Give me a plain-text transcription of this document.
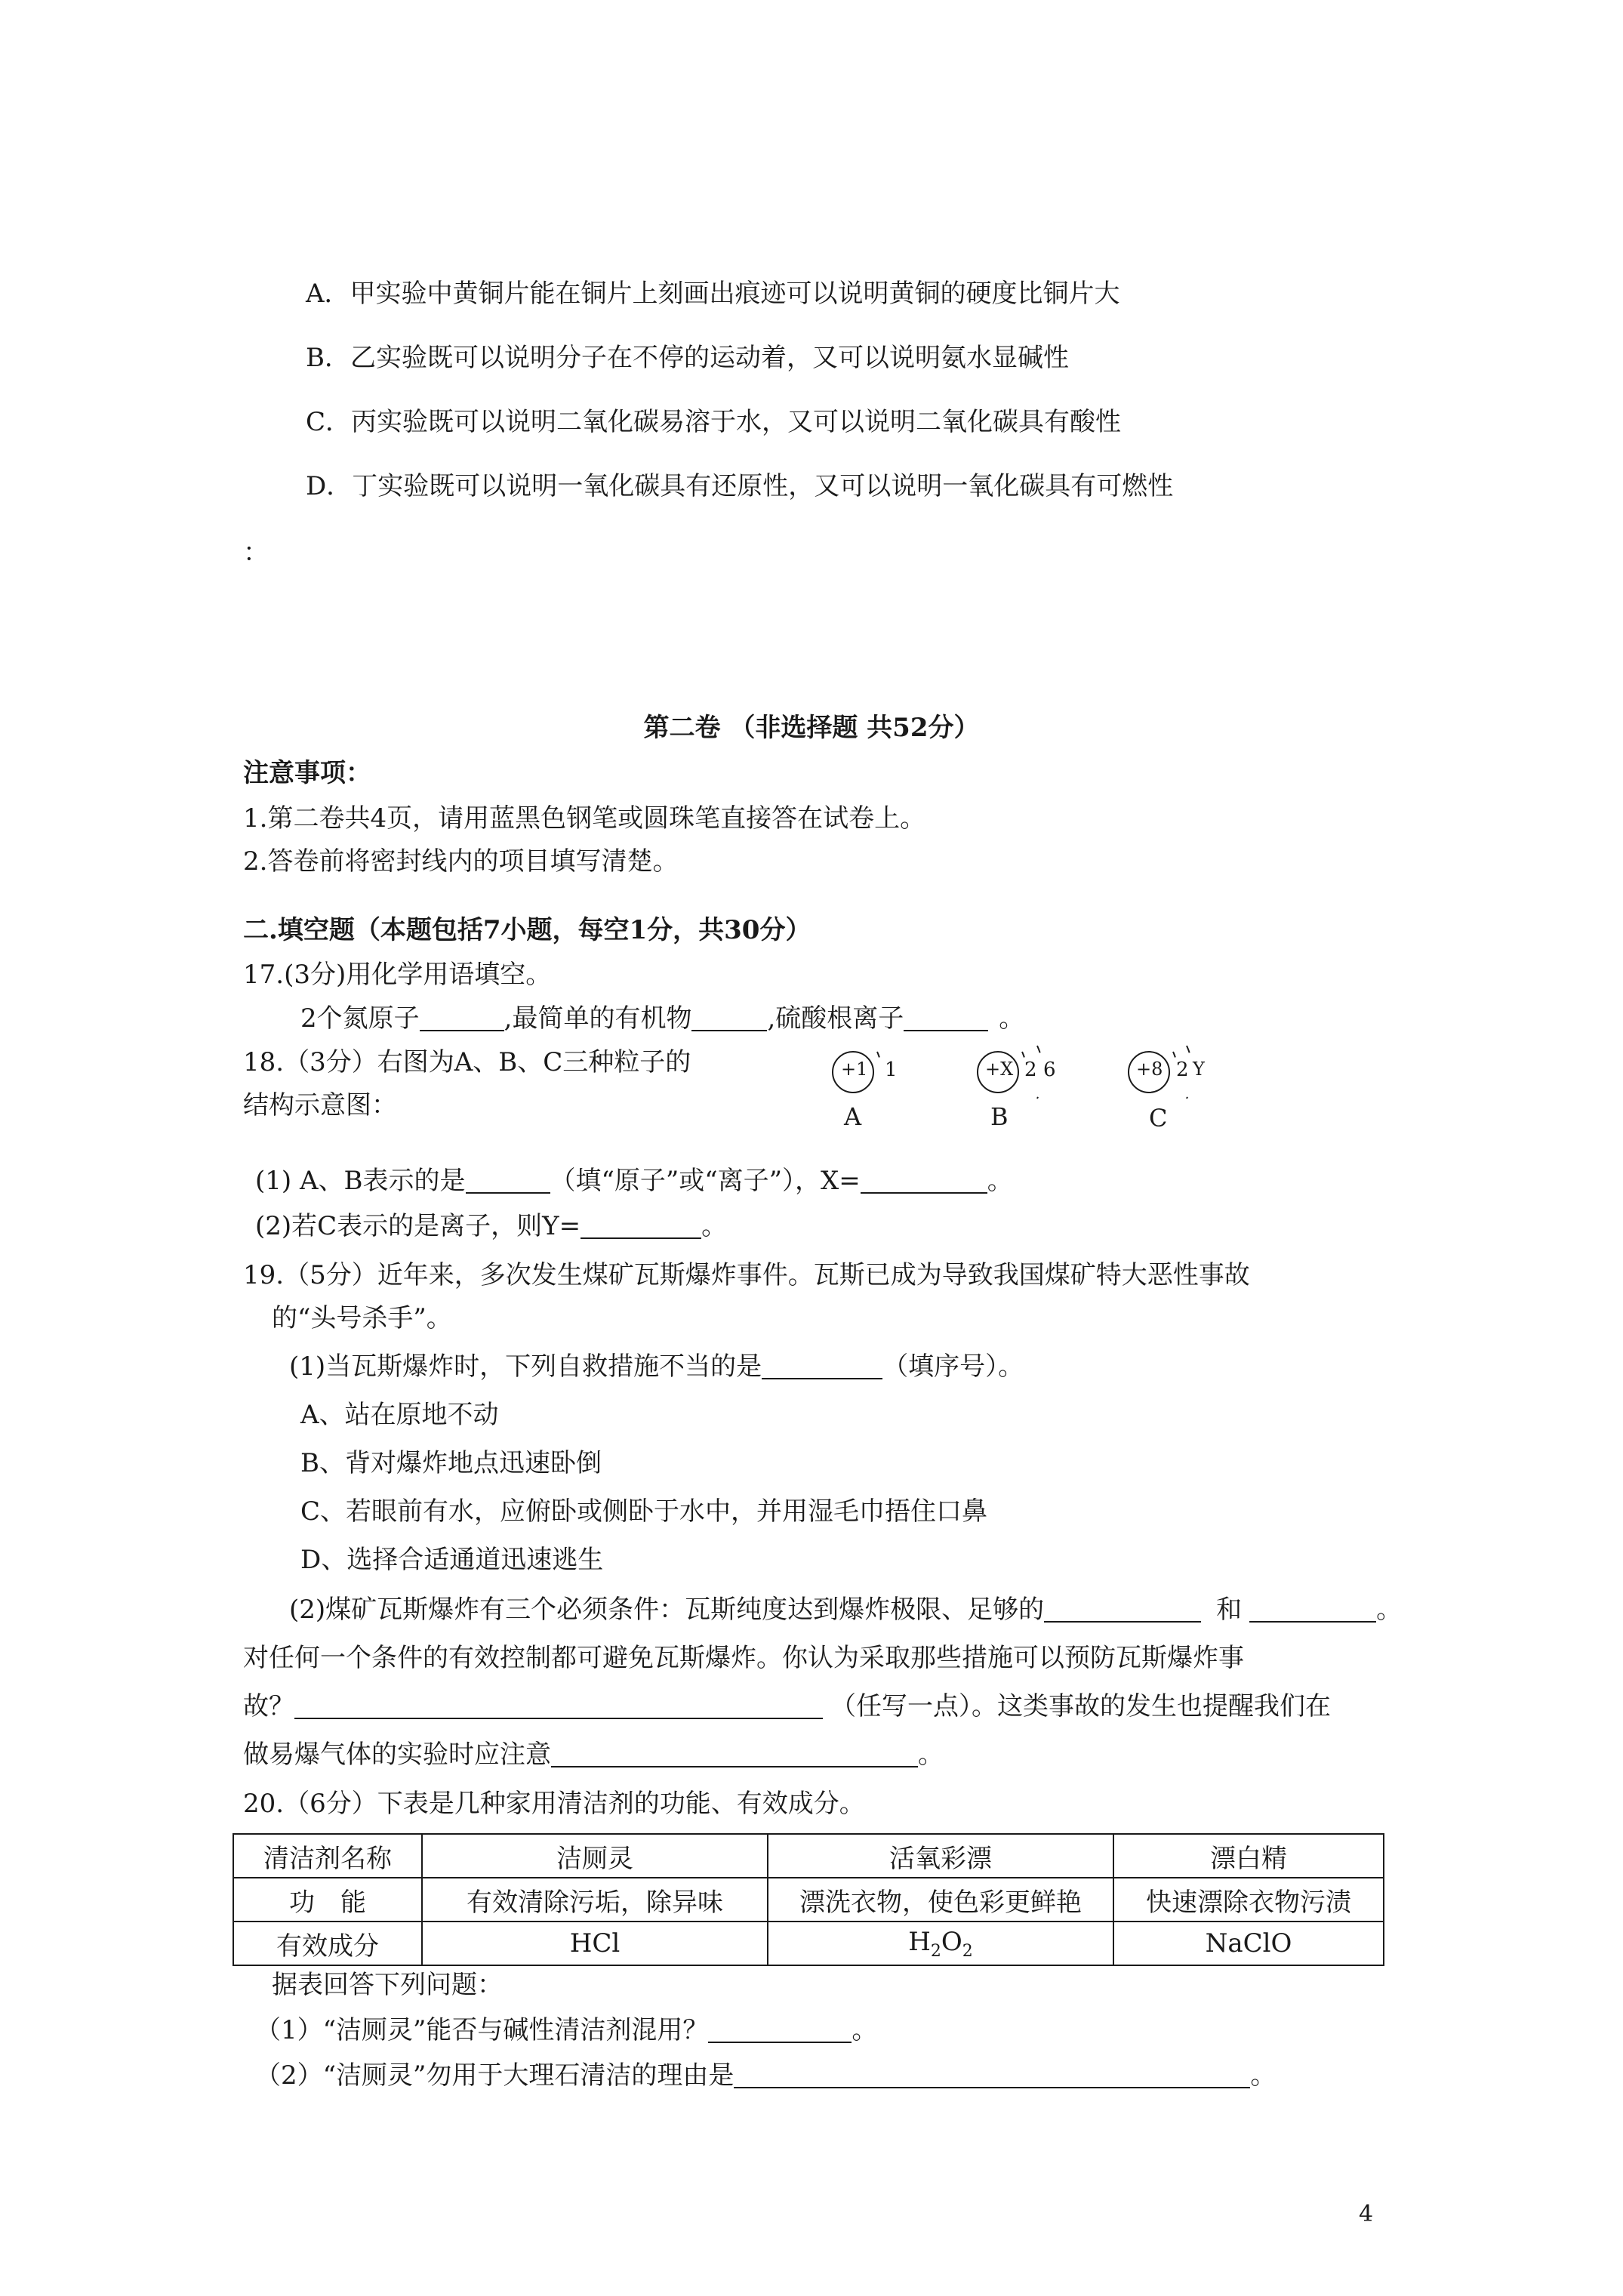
A．甲实验中黄铜片能在铜片上刻画出痕迹可以说明黄铜的硬度比铜片大
B．乙实验既可以说明分子在不停的运动着，又可以说明氨水显碱性
C．丙实验既可以说明二氧化碳易溶于水，又可以说明二氧化碳具有酸性
D．丁实验既可以说明一氧化碳具有还原性，又可以说明一氧化碳具有可燃性
：
第二卷 （非选择题 共52分）
注意事项：
1.第二卷共4页，请用蓝黑色钢笔或圆珠笔直接答在试卷上。
2.答卷前将密封线内的项目填写清楚。
二.填空题（本题包括7小题，每空1分，共30分）
17.(3分)用化学用语填空。
2个氮原子	,最简单的有机物	,硫酸根离子	。
18.（3分）右图为A、B、C三种粒子的
结构示意图：
+1 1
A
+X 2 6
B
+8 2 Y
C
(1) A、B表示的是	（填“原子”或“离子”），X=	。
(2)若C表示的是离子，则Y=	。
19.（5分）近年来，多次发生煤矿瓦斯爆炸事件。瓦斯已成为导致我国煤矿特大恶性事故
的“头号杀手”。
(1)当瓦斯爆炸时，下列自救措施不当的是	（填序号）。
A、站在原地不动
B、背对爆炸地点迅速卧倒
C、若眼前有水，应俯卧或侧卧于水中，并用湿毛巾捂住口鼻
D、选择合适通道迅速逃生
(2)煤矿瓦斯爆炸有三个必须条件：瓦斯纯度达到爆炸极限、足够的	和	。
对任何一个条件的有效控制都可避免瓦斯爆炸。你认为采取那些措施可以预防瓦斯爆炸事
故？	（任写一点）。这类事故的发生也提醒我们在
做易爆气体的实验时应注意	。
20.（6分）下表是几种家用清洁剂的功能、有效成分。
清洁剂名称	洁厕灵	活氧彩漂	漂白精
功　能	有效清除污垢，除异味	漂洗衣物，使色彩更鲜艳	快速漂除衣物污渍
有效成分	HCl	$H_2O_2$	NaClO
据表回答下列问题：
（1）“洁厕灵”能否与碱性清洁剂混用？	。
（2）“洁厕灵”勿用于大理石清洁的理由是	。
4
